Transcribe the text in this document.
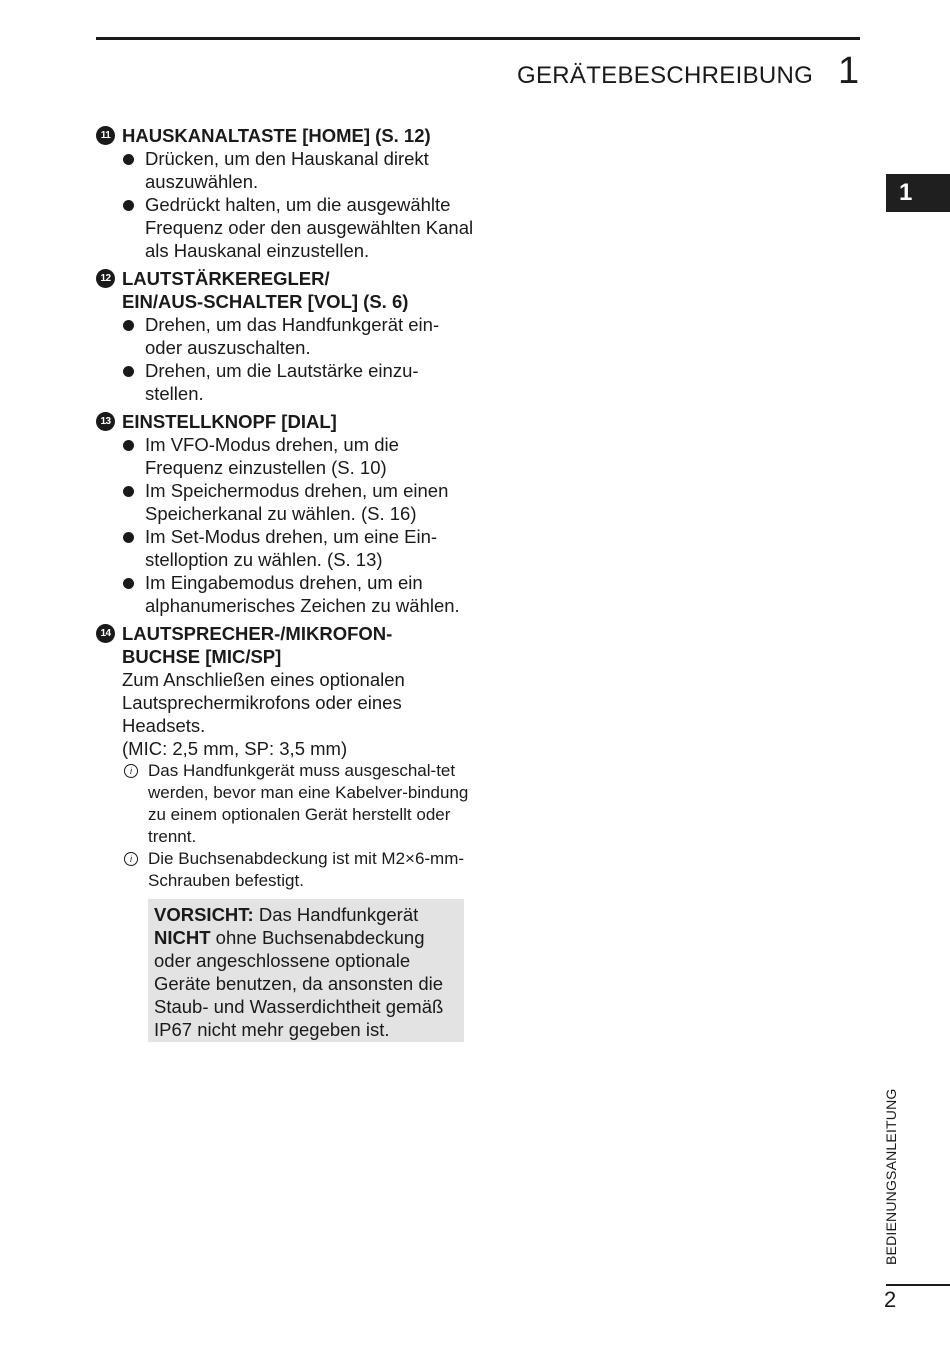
GERÄTEBESCHREIBUNG 1
1
11 HAUSKANALTASTE [HOME] (S. 12)
Drücken, um den Hauskanal direkt auszuwählen.
Gedrückt halten, um die ausgewählte Frequenz oder den ausgewählten Kanal als Hauskanal einzustellen.
12 LAUTSTÄRKEREGLER/
EIN/AUS-SCHALTER [VOL] (S. 6)
Drehen, um das Handfunkgerät ein-oder auszuschalten.
Drehen, um die Lautstärke einzu-stellen.
13 EINSTELLKNOPF [DIAL]
Im VFO-Modus drehen, um die Frequenz einzustellen (S. 10)
Im Speichermodus drehen, um einen Speicherkanal zu wählen. (S. 16)
Im Set-Modus drehen, um eine Ein-stelloption zu wählen. (S. 13)
Im Eingabemodus drehen, um ein alphanumerisches Zeichen zu wählen.
14 LAUTSPRECHER-/MIKROFON-
BUCHSE [MIC/SP]
Zum Anschließen eines optionalen Lautsprechermikrofons oder eines Headsets.
(MIC: 2,5 mm, SP: 3,5 mm)
i Das Handfunkgerät muss ausgeschal-tet werden, bevor man eine Kabelver-bindung zu einem optionalen Gerät herstellt oder trennt.
i Die Buchsenabdeckung ist mit M2×6-mm-Schrauben befestigt.
VORSICHT: Das Handfunkgerät NICHT ohne Buchsenabdeckung oder angeschlossene optionale Geräte benutzen, da ansonsten die Staub- und Wasserdichtheit gemäß IP67 nicht mehr gegeben ist.
BEDIENUNGSANLEITUNG
2
